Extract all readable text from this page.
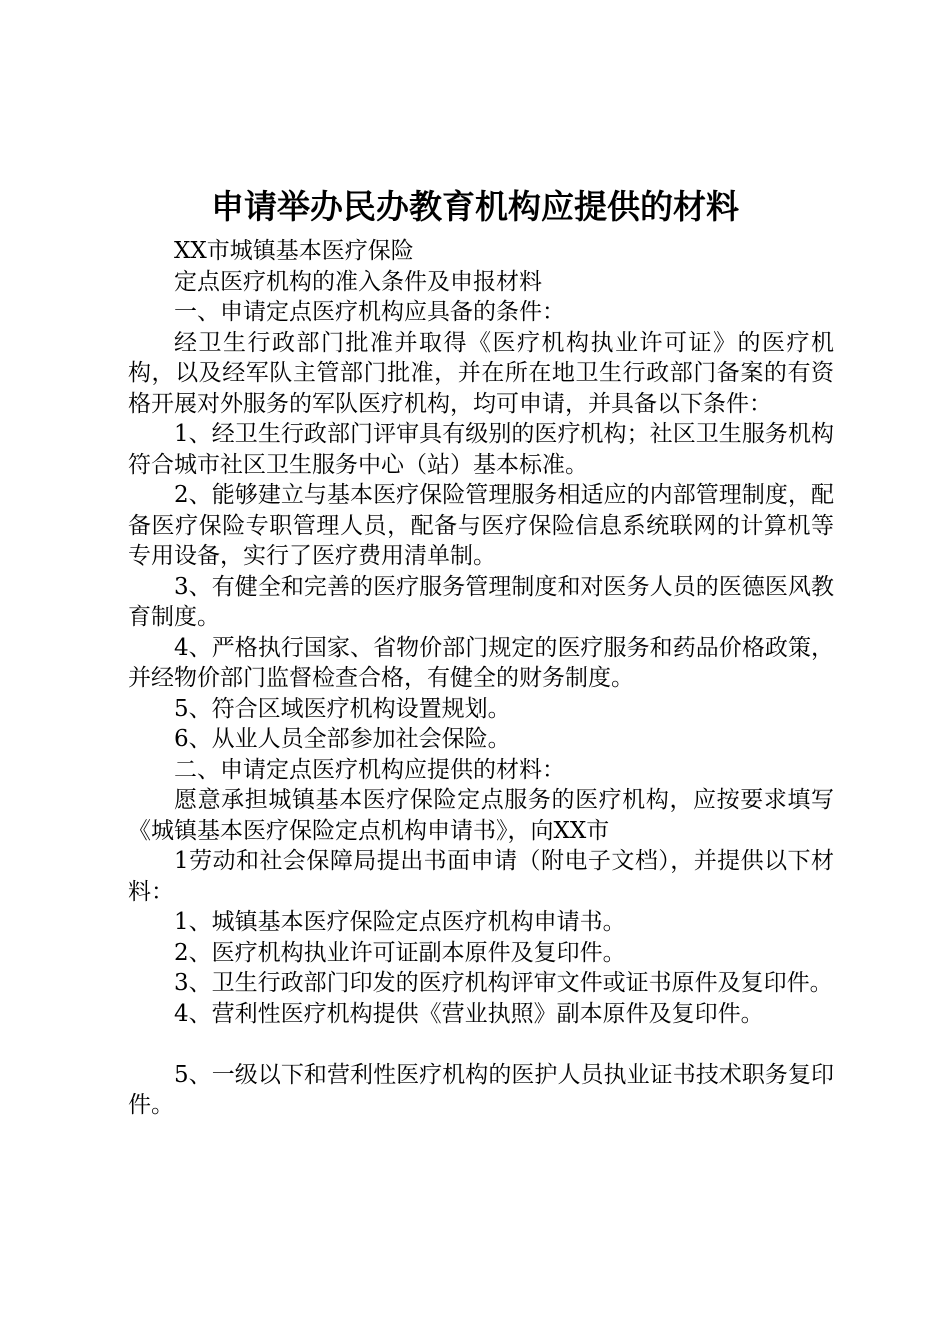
申请举办民办教育机构应提供的材料

XX市城镇基本医疗保险

定点医疗机构的准入条件及申报材料

一、申请定点医疗机构应具备的条件：

经卫生行政部门批准并取得《医疗机构执业许可证》的医疗机构，以及经军队主管部门批准，并在所在地卫生行政部门备案的有资格开展对外服务的军队医疗机构，均可申请，并具备以下条件：

1、经卫生行政部门评审具有级别的医疗机构；社区卫生服务机构符合城市社区卫生服务中心（站）基本标准。

2、能够建立与基本医疗保险管理服务相适应的内部管理制度，配备医疗保险专职管理人员，配备与医疗保险信息系统联网的计算机等专用设备，实行了医疗费用清单制。

3、有健全和完善的医疗服务管理制度和对医务人员的医德医风教育制度。

4、严格执行国家、省物价部门规定的医疗服务和药品价格政策，并经物价部门监督检查合格，有健全的财务制度。

5、符合区域医疗机构设置规划。

6、从业人员全部参加社会保险。

二、申请定点医疗机构应提供的材料：

愿意承担城镇基本医疗保险定点服务的医疗机构，应按要求填写《城镇基本医疗保险定点机构申请书》，向XX市

1劳动和社会保障局提出书面申请（附电子文档），并提供以下材料：

1、城镇基本医疗保险定点医疗机构申请书。

2、医疗机构执业许可证副本原件及复印件。

3、卫生行政部门印发的医疗机构评审文件或证书原件及复印件。

4、营利性医疗机构提供《营业执照》副本原件及复印件。

5、一级以下和营利性医疗机构的医护人员执业证书技术职务复印件。
